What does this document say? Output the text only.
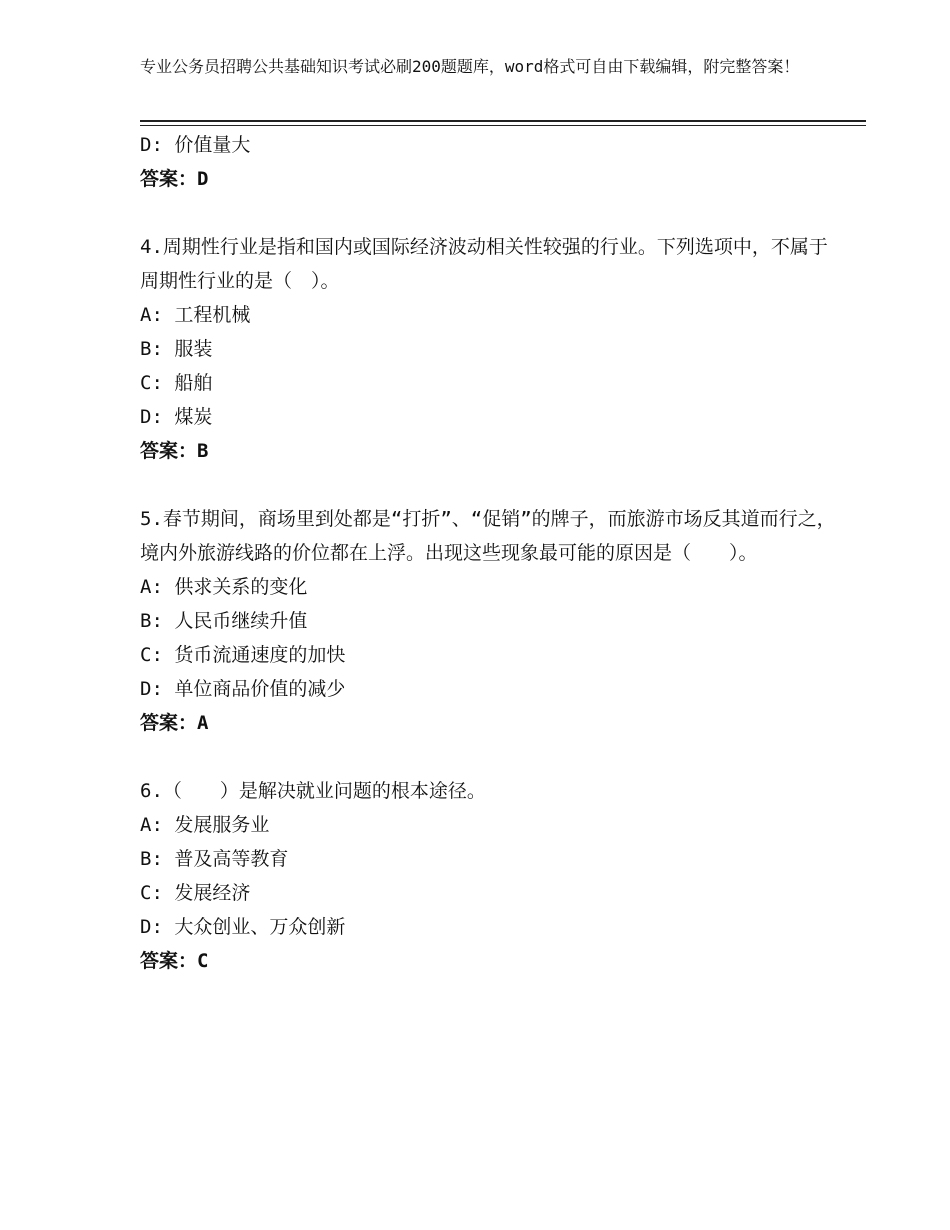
专业公务员招聘公共基础知识考试必刷200题题库，word格式可自由下载编辑，附完整答案！
D: 价值量大
答案：D
4.周期性行业是指和国内或国际经济波动相关性较强的行业。下列选项中，不属于周期性行业的是（　）。
A: 工程机械
B: 服装
C: 船舶
D: 煤炭
答案：B
5.春节期间，商场里到处都是“打折”、“促销”的牌子，而旅游市场反其道而行之，境内外旅游线路的价位都在上浮。出现这些现象最可能的原因是（　　）。
A: 供求关系的变化
B: 人民币继续升值
C: 货币流通速度的加快
D: 单位商品价值的减少
答案：A
6.（　　）是解决就业问题的根本途径。
A: 发展服务业
B: 普及高等教育
C: 发展经济
D: 大众创业、万众创新
答案：C
